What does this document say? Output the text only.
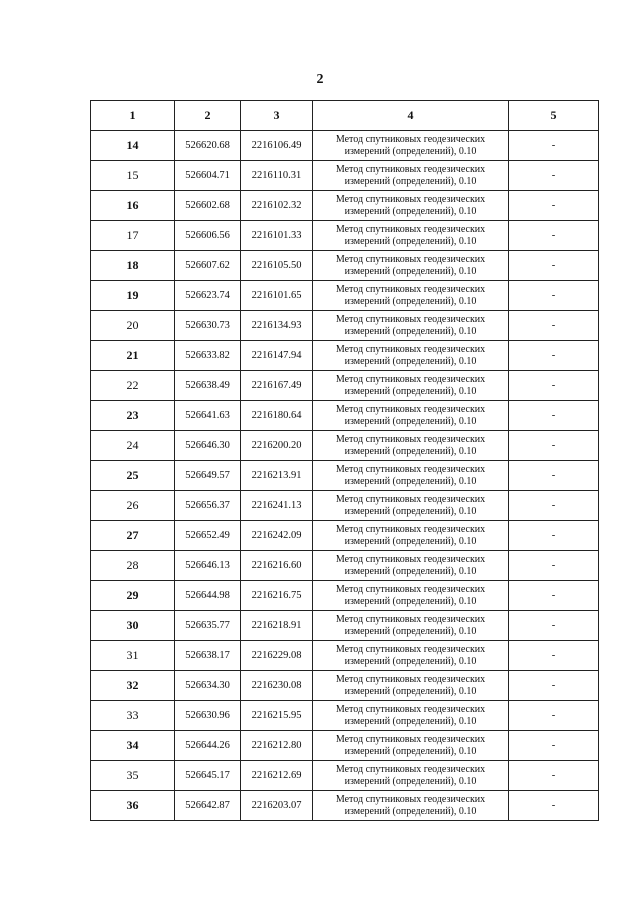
2
1	2	3	4	5
14	526620.68	2216106.49	Метод спутниковых геодезических
измерений (определений), 0.10	-
15	526604.71	2216110.31	Метод спутниковых геодезических
измерений (определений), 0.10	-
16	526602.68	2216102.32	Метод спутниковых геодезических
измерений (определений), 0.10	-
17	526606.56	2216101.33	Метод спутниковых геодезических
измерений (определений), 0.10	-
18	526607.62	2216105.50	Метод спутниковых геодезических
измерений (определений), 0.10	-
19	526623.74	2216101.65	Метод спутниковых геодезических
измерений (определений), 0.10	-
20	526630.73	2216134.93	Метод спутниковых геодезических
измерений (определений), 0.10	-
21	526633.82	2216147.94	Метод спутниковых геодезических
измерений (определений), 0.10	-
22	526638.49	2216167.49	Метод спутниковых геодезических
измерений (определений), 0.10	-
23	526641.63	2216180.64	Метод спутниковых геодезических
измерений (определений), 0.10	-
24	526646.30	2216200.20	Метод спутниковых геодезических
измерений (определений), 0.10	-
25	526649.57	2216213.91	Метод спутниковых геодезических
измерений (определений), 0.10	-
26	526656.37	2216241.13	Метод спутниковых геодезических
измерений (определений), 0.10	-
27	526652.49	2216242.09	Метод спутниковых геодезических
измерений (определений), 0.10	-
28	526646.13	2216216.60	Метод спутниковых геодезических
измерений (определений), 0.10	-
29	526644.98	2216216.75	Метод спутниковых геодезических
измерений (определений), 0.10	-
30	526635.77	2216218.91	Метод спутниковых геодезических
измерений (определений), 0.10	-
31	526638.17	2216229.08	Метод спутниковых геодезических
измерений (определений), 0.10	-
32	526634.30	2216230.08	Метод спутниковых геодезических
измерений (определений), 0.10	-
33	526630.96	2216215.95	Метод спутниковых геодезических
измерений (определений), 0.10	-
34	526644.26	2216212.80	Метод спутниковых геодезических
измерений (определений), 0.10	-
35	526645.17	2216212.69	Метод спутниковых геодезических
измерений (определений), 0.10	-
36	526642.87	2216203.07	Метод спутниковых геодезических
измерений (определений), 0.10	-
